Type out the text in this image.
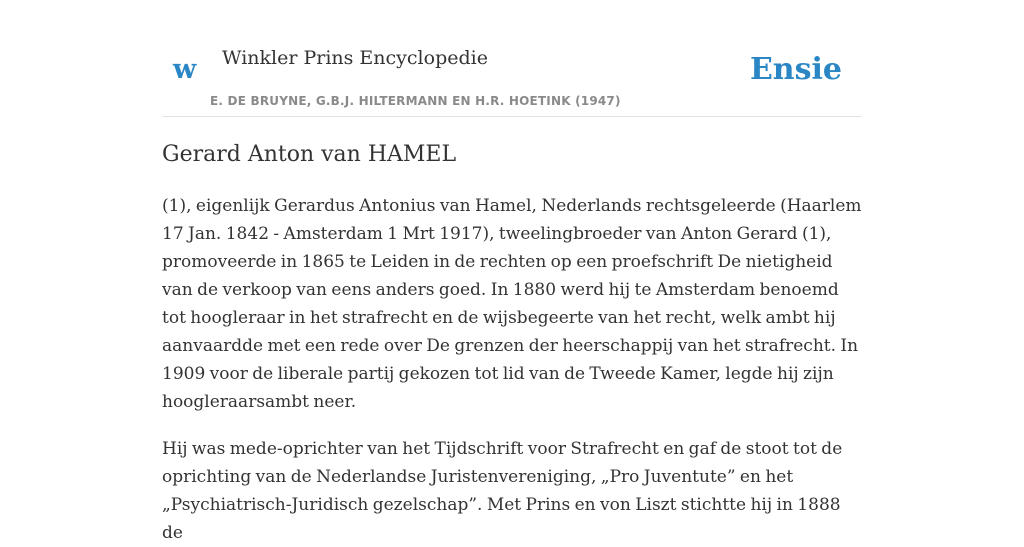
w Winkler Prins Encyclopedie
E. DE BRUYNE, G.B.J. HILTERMANN EN H.R. HOETINK (1947)
Ensie
Gerard Anton van HAMEL

(1), eigenlijk Gerardus Antonius van Hamel, Nederlands rechtsgeleerde (Haarlem 17 Jan. 1842 - Amsterdam 1 Mrt 1917), tweelingbroeder van Anton Gerard (1), promoveerde in 1865 te Leiden in de rechten op een proefschrift De nietigheid van de verkoop van eens anders goed. In 1880 werd hij te Amsterdam benoemd tot hoogleraar in het strafrecht en de wijsbegeerte van het recht, welk ambt hij aanvaardde met een rede over De grenzen der heerschappij van het strafrecht. In 1909 voor de liberale partij gekozen tot lid van de Tweede Kamer, legde hij zijn hoogleraarsambt neer.

Hij was mede-oprichter van het Tijdschrift voor Strafrecht en gaf de stoot tot de oprichting van de Nederlandse Juristenvereniging, „Pro Juventute” en het „Psychiatrisch-Juridisch gezelschap”. Met Prins en von Liszt stichtte hij in 1888 de
